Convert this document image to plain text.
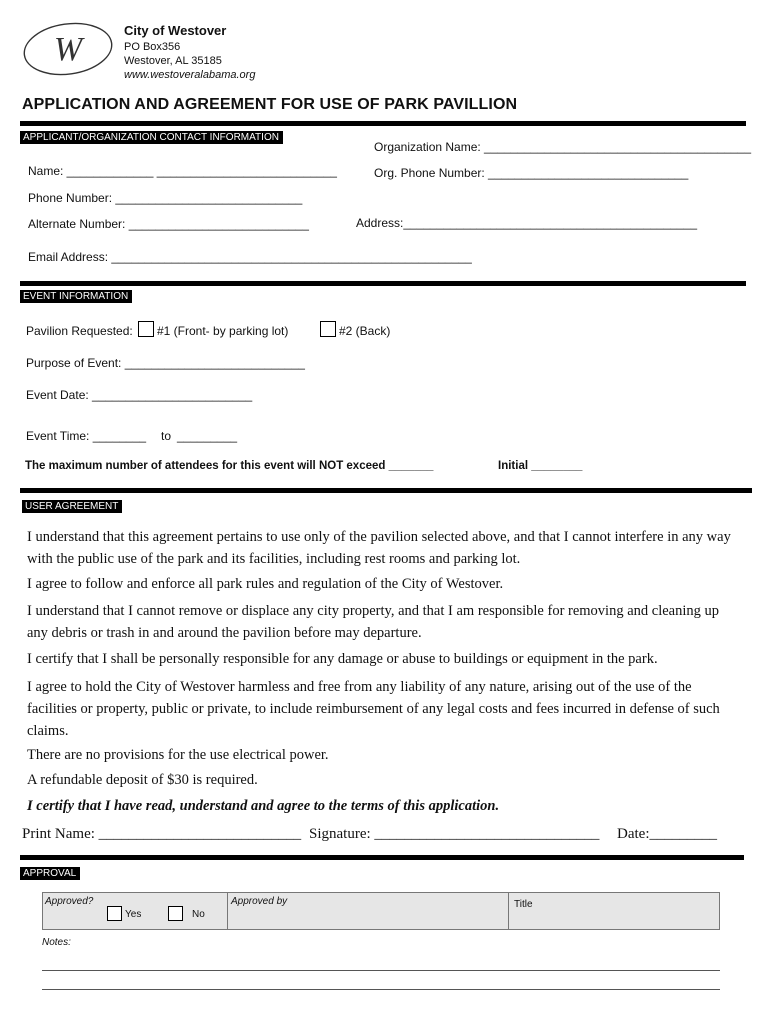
W
City of Westover
PO Box356
Westover, AL 35185
www.westoveralabama.org
APPLICATION AND AGREEMENT FOR USE OF PARK PAVILLION
APPLICANT/ORGANIZATION CONTACT INFORMATION
Organization Name: ________________________________________
Name: _____________ ___________________________	Org. Phone Number: ______________________________
Phone Number: ____________________________
Alternate Number: ___________________________	Address:____________________________________________
Email Address: ______________________________________________________
EVENT INFORMATION
Pavilion Requested: #1 (Front- by parking lot)	#2 (Back)
Purpose of Event: ___________________________
Event Date: ________________________
Event Time: ________ to _________
The maximum number of attendees for this event will NOT exceed _______	Initial ________
USER AGREEMENT
I understand that this agreement pertains to use only of the pavilion selected above, and that I cannot interfere in any way with the public use of the park and its facilities, including rest rooms and parking lot.
I agree to follow and enforce all park rules and regulation of the City of Westover.
I understand that I cannot remove or displace any city property, and that I am responsible for removing and cleaning up any debris or trash in and around the pavilion before may departure.
I certify that I shall be personally responsible for any damage or abuse to buildings or equipment in the park.
I agree to hold the City of Westover harmless and free from any liability of any nature, arising out of the use of the facilities or property, public or private, to include reimbursement of any legal costs and fees incurred in defense of such claims.
There are no provisions for the use electrical power.
A refundable deposit of $30 is required.
I certify that I have read, understand and agree to the terms of this application.
Print Name: ___________________________ Signature: ______________________________ Date:_________
APPROVAL
Approved?
Yes	No
Approved by	Title
Notes:
